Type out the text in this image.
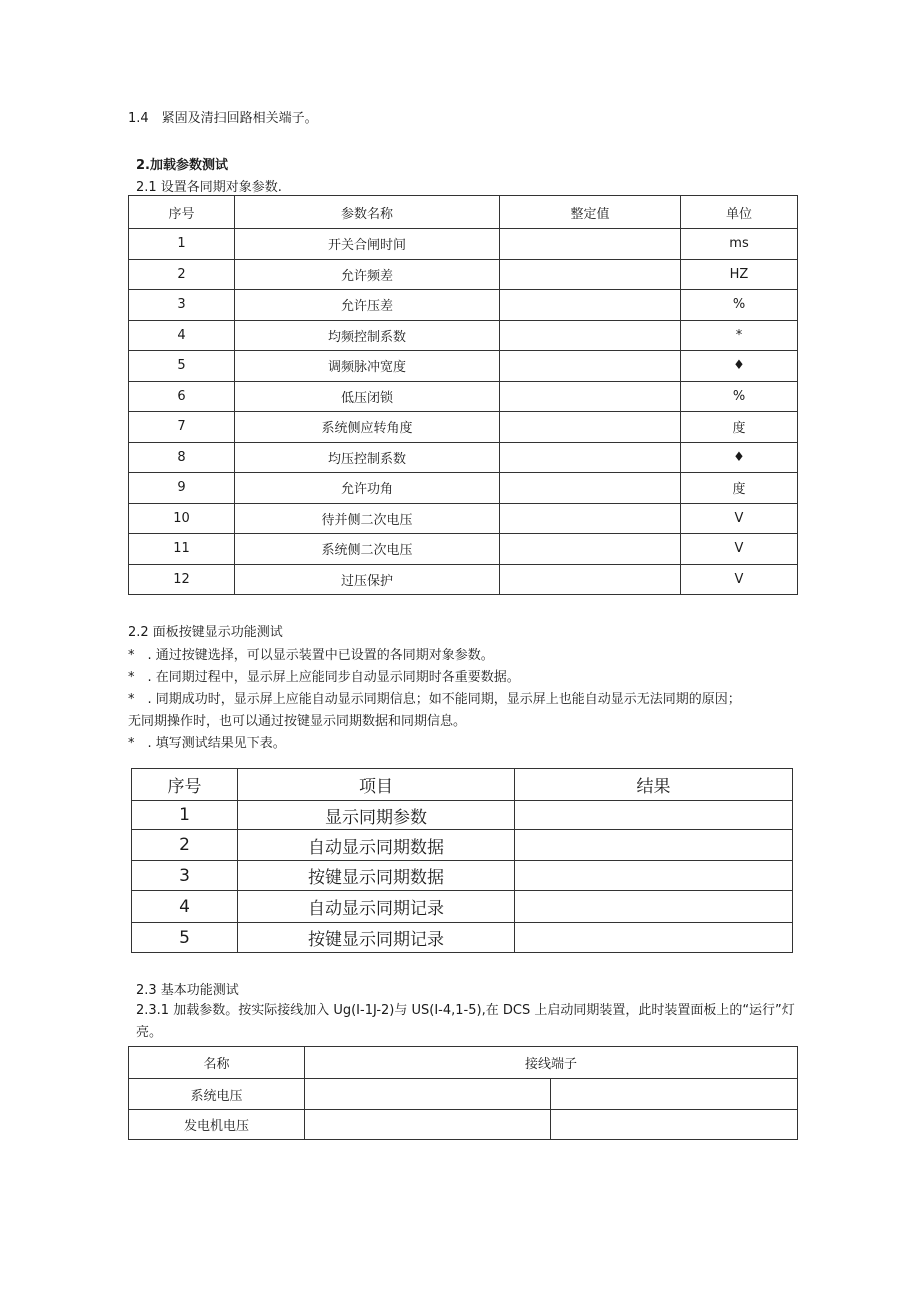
1.4　紧固及清扫回路相关端子。
2.加载参数测试
2.1 设置各同期对象参数.
序号	参数名称	整定值	单位
1	开关合闸时间		ms
2	允许频差		HZ
3	允许压差		%
4	均频控制系数		*
5	调频脉冲宽度		♦
6	低压闭锁		%
7	系统侧应转角度		度
8	均压控制系数		♦
9	允许功角		度
10	待并侧二次电压		V
11	系统侧二次电压		V
12	过压保护		V
2.2 面板按键显示功能测试
*　. 通过按键选择，可以显示装置中已设置的各同期对象参数。
*　. 在同期过程中，显示屏上应能同步自动显示同期时各重要数据。
*　. 同期成功时，显示屏上应能自动显示同期信息；如不能同期，显示屏上也能自动显示无法同期的原因；
无同期操作时，也可以通过按键显示同期数据和同期信息。
*　. 填写测试结果见下表。
序号	项目	结果
1	显示同期参数	
2	自动显示同期数据	
3	按键显示同期数据	
4	自动显示同期记录	
5	按键显示同期记录	
2.3 基本功能测试
2.3.1 加载参数。按实际接线加入 Ug(I-1J-2)与 US(I-4,1-5),在 DCS 上启动同期装置，此时装置面板上的“运行”灯亮。
名称	接线端子	
系统电压		
发电机电压		
